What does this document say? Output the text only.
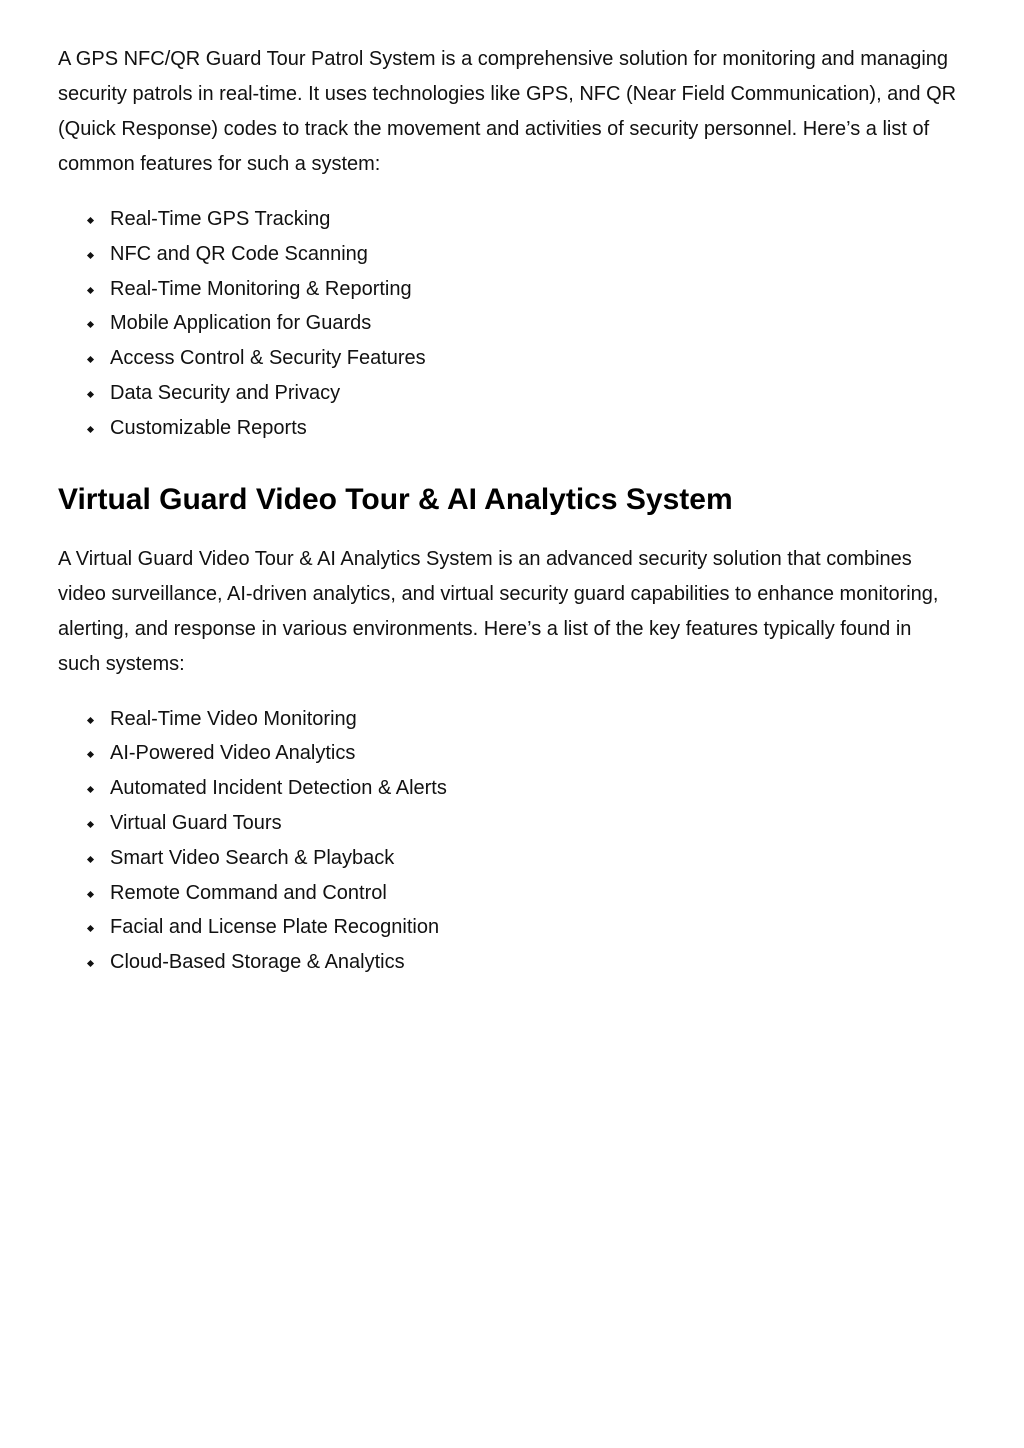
A GPS NFC/QR Guard Tour Patrol System is a comprehensive solution for monitoring and managing security patrols in real-time. It uses technologies like GPS, NFC (Near Field Communication), and QR (Quick Response) codes to track the movement and activities of security personnel. Here’s a list of common features for such a system:

Real-Time GPS Tracking
NFC and QR Code Scanning
Real-Time Monitoring & Reporting
Mobile Application for Guards
Access Control & Security Features
Data Security and Privacy
Customizable Reports
Virtual Guard Video Tour & AI Analytics System

A Virtual Guard Video Tour & AI Analytics System is an advanced security solution that combines video surveillance, AI-driven analytics, and virtual security guard capabilities to enhance monitoring, alerting, and response in various environments. Here’s a list of the key features typically found in such systems:

Real-Time Video Monitoring
AI-Powered Video Analytics
Automated Incident Detection & Alerts
Virtual Guard Tours
Smart Video Search & Playback
Remote Command and Control
Facial and License Plate Recognition
Cloud-Based Storage & Analytics
